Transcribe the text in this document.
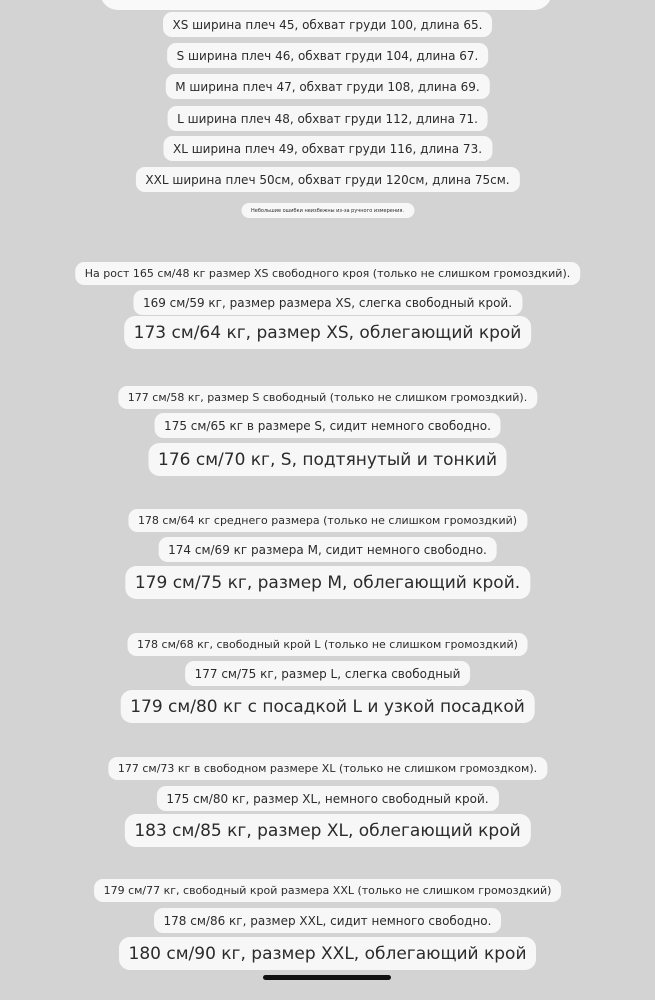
XS ширина плеч 45, обхват груди 100, длина 65.
S ширина плеч 46, обхват груди 104, длина 67.
M ширина плеч 47, обхват груди 108, длина 69.
L ширина плеч 48, обхват груди 112, длина 71.
XL ширина плеч 49, обхват груди 116, длина 73.
XXL ширина плеч 50см, обхват груди 120см, длина 75см.
Небольшие ошибки неизбежны из-за ручного измерения.
На рост 165 см/48 кг размер XS свободного кроя (только не слишком громоздкий).
169 см/59 кг, размер размера XS, слегка свободный крой.
173 см/64 кг, размер XS, облегающий крой
177 см/58 кг, размер S свободный (только не слишком громоздкий).
175 см/65 кг в размере S, сидит немного свободно.
176 см/70 кг, S, подтянутый и тонкий
178 см/64 кг среднего размера (только не слишком громоздкий)
174 см/69 кг размера M, сидит немного свободно.
179 см/75 кг, размер M, облегающий крой.
178 см/68 кг, свободный крой L (только не слишком громоздкий)
177 см/75 кг, размер L, слегка свободный
179 см/80 кг с посадкой L и узкой посадкой
177 см/73 кг в свободном размере XL (только не слишком громоздком).
175 см/80 кг, размер XL, немного свободный крой.
183 см/85 кг, размер XL, облегающий крой
179 см/77 кг, свободный крой размера XXL (только не слишком громоздкий)
178 см/86 кг, размер XXL, сидит немного свободно.
180 см/90 кг, размер XXL, облегающий крой
